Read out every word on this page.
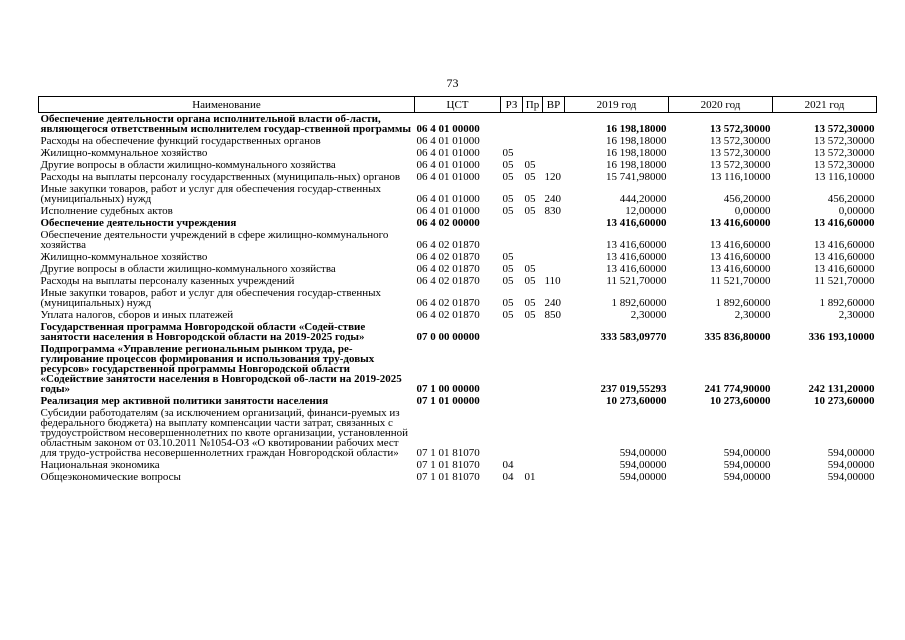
73
Наименование	ЦСТ	РЗ	Пр	ВР	2019 год	2020 год	2021 год
Обеспечение деятельности органа исполнительной власти об-ласти, являющегося ответственным исполнителем государ-ственной программы	06 4 01 00000				16 198,18000	13 572,30000	13 572,30000
Расходы на обеспечение функций государственных органов	06 4 01 01000				16 198,18000	13 572,30000	13 572,30000
Жилищно-коммунальное хозяйство	06 4 01 01000	05			16 198,18000	13 572,30000	13 572,30000
Другие вопросы в области жилищно-коммунального хозяйства	06 4 01 01000	05	05		16 198,18000	13 572,30000	13 572,30000
Расходы на выплаты персоналу государственных (муниципаль-ных) органов	06 4 01 01000	05	05	120	15 741,98000	13 116,10000	13 116,10000
Иные закупки товаров, работ и услуг для обеспечения государ-ственных (муниципальных) нужд	06 4 01 01000	05	05	240	444,20000	456,20000	456,20000
Исполнение судебных актов	06 4 01 01000	05	05	830	12,00000	0,00000	0,00000
Обеспечение деятельности учреждения	06 4 02 00000				13 416,60000	13 416,60000	13 416,60000
Обеспечение деятельности учреждений в сфере жилищно-коммунального хозяйства	06 4 02 01870				13 416,60000	13 416,60000	13 416,60000
Жилищно-коммунальное хозяйство	06 4 02 01870	05			13 416,60000	13 416,60000	13 416,60000
Другие вопросы в области жилищно-коммунального хозяйства	06 4 02 01870	05	05		13 416,60000	13 416,60000	13 416,60000
Расходы на выплаты персоналу казенных учреждений	06 4 02 01870	05	05	110	11 521,70000	11 521,70000	11 521,70000
Иные закупки товаров, работ и услуг для обеспечения государ-ственных (муниципальных) нужд	06 4 02 01870	05	05	240	1 892,60000	1 892,60000	1 892,60000
Уплата налогов, сборов и иных платежей	06 4 02 01870	05	05	850	2,30000	2,30000	2,30000
Государственная программа Новгородской области «Содей-ствие занятости населения в Новгородской области на 2019-2025 годы»	07 0 00 00000				333 583,09770	335 836,80000	336 193,10000
Подпрограмма «Управление региональным рынком труда, ре-гулирование процессов формирования и использования тру-довых ресурсов» государственной программы Новгородской области «Содействие занятости населения в Новгородской об-ласти на 2019-2025 годы»	07 1 00 00000				237 019,55293	241 774,90000	242 131,20000
Реализация мер активной политики занятости населения	07 1 01 00000				10 273,60000	10 273,60000	10 273,60000
Субсидии работодателям (за исключением организаций, финанси-руемых из федерального бюджета) на выплату компенсации части затрат, связанных с трудоустройством несовершеннолетних по квоте организации, установленной областным законом от 03.10.2011 №1054-ОЗ «О квотировании рабочих мест для трудо-устройства несовершеннолетних граждан Новгородской области»	07 1 01 81070				594,00000	594,00000	594,00000
Национальная экономика	07 1 01 81070	04			594,00000	594,00000	594,00000
Общеэкономические вопросы	07 1 01 81070	04	01		594,00000	594,00000	594,00000
